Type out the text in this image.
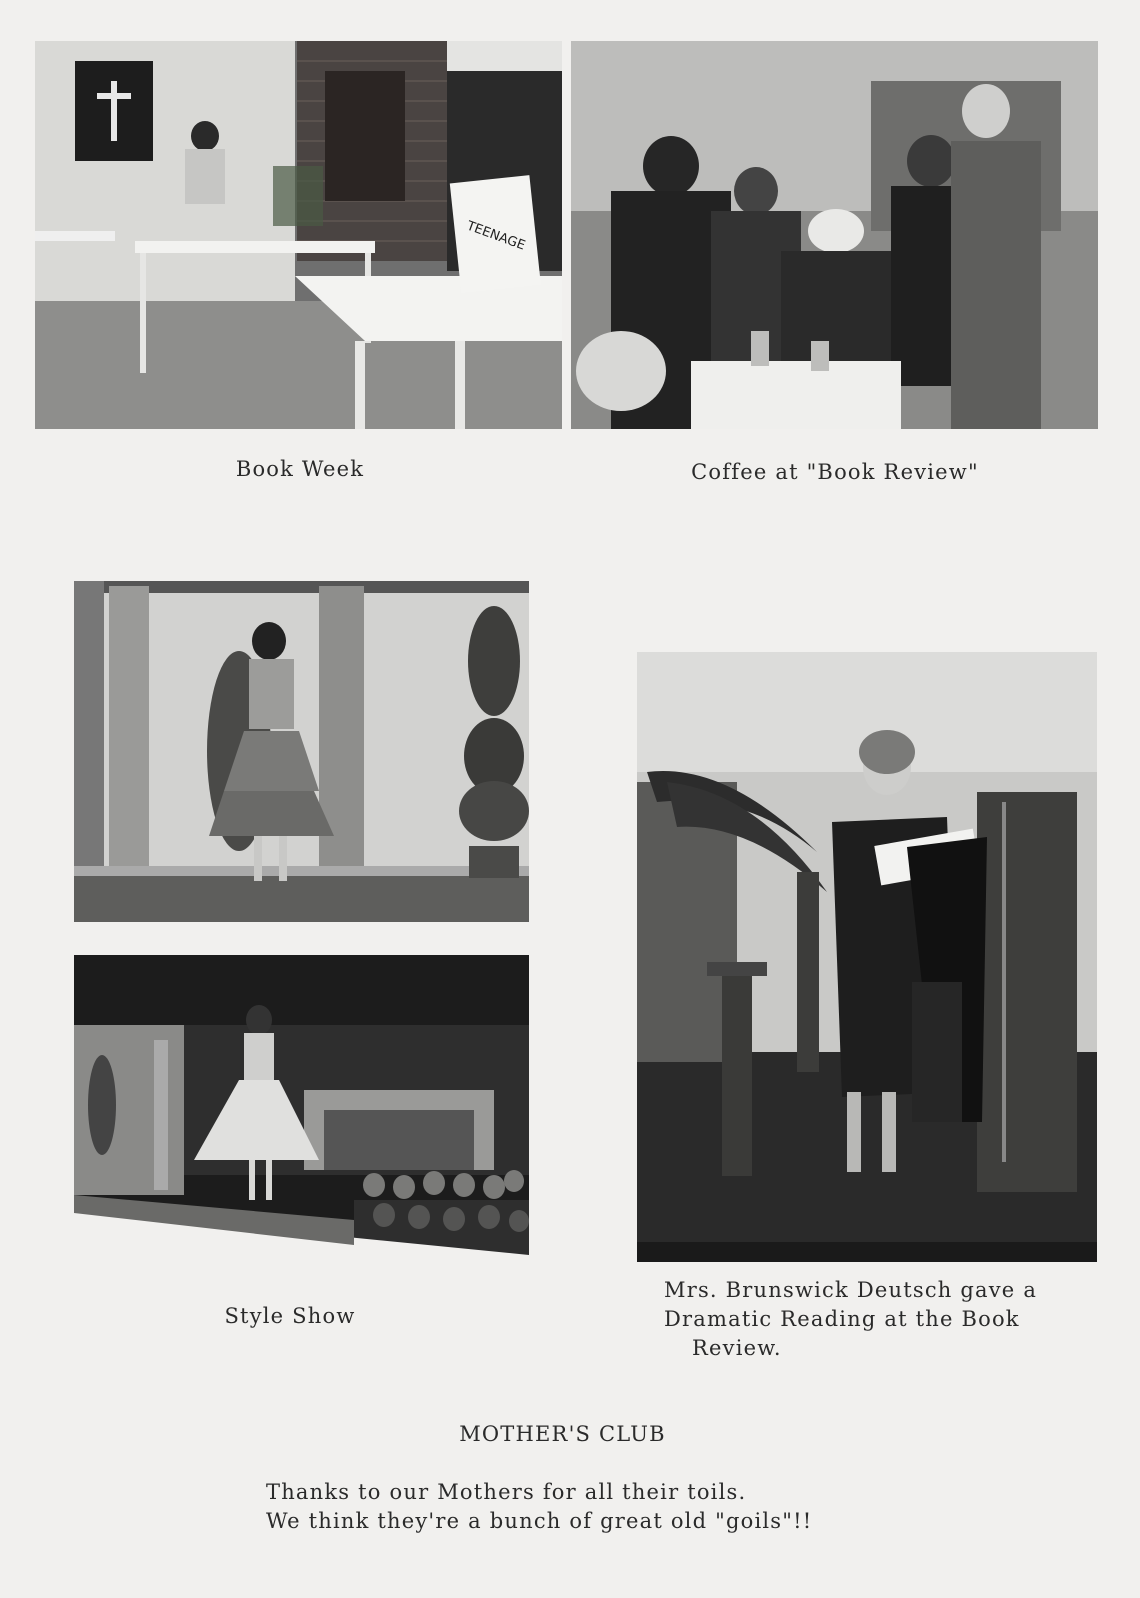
TEENAGE
Book Week	Coffee at "Book Review"
Style Show
Mrs. Brunswick Deutsch gave a
Dramatic Reading at the Book
Review.
MOTHER'S CLUB
Thanks to our Mothers for all their toils.
We think they're a bunch of great old "goils"!!
